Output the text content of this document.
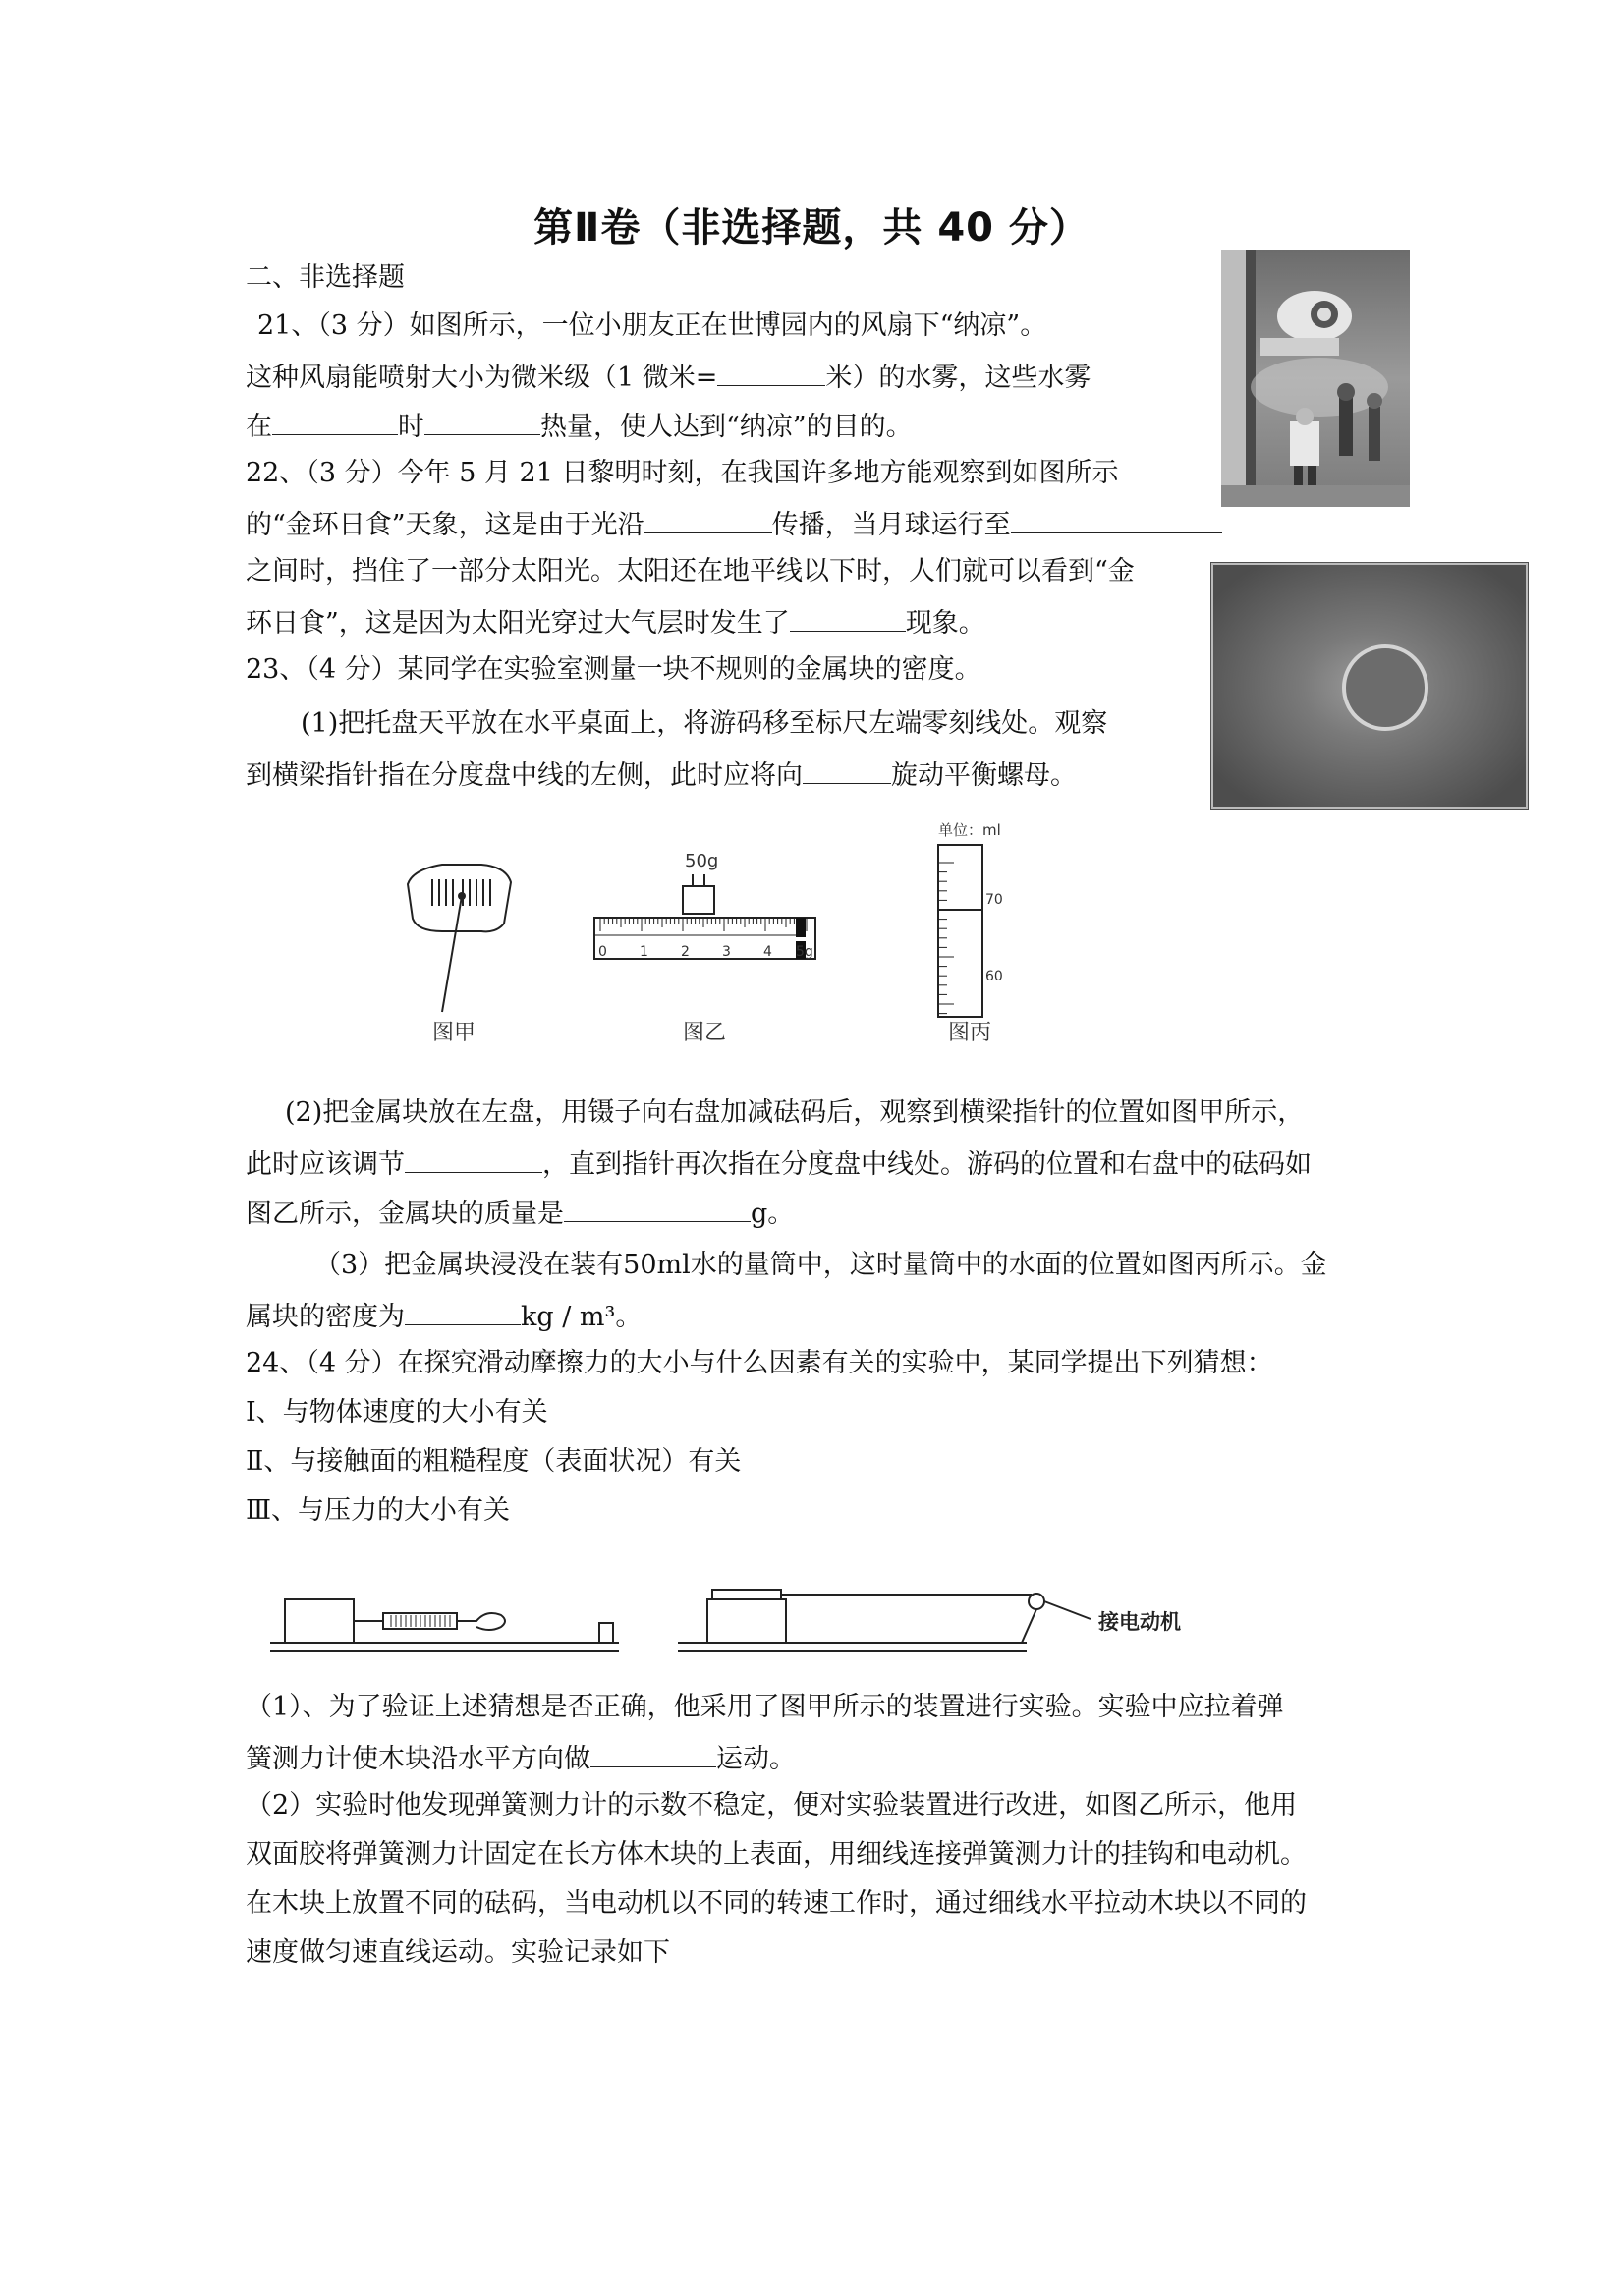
第Ⅱ卷（非选择题，共 40 分）
二、非选择题
21、（3 分）如图所示，一位小朋友正在世博园内的风扇下“纳凉”。
这种风扇能喷射大小为微米级（1 微米=	米）的水雾，这些水雾
在	时	热量，使人达到“纳凉”的目的。
22、（3 分）今年 5 月 21 日黎明时刻，在我国许多地方能观察到如图所示
的“金环日食”天象，这是由于光沿	传播，当月球运行至
之间时，挡住了一部分太阳光。太阳还在地平线以下时，人们就可以看到“金
环日食”，这是因为太阳光穿过大气层时发生了	现象。
23、（4 分）某同学在实验室测量一块不规则的金属块的密度。
(1)把托盘天平放在水平桌面上，将游码移至标尺左端零刻线处。观察
到横梁指针指在分度盘中线的左侧，此时应将向	旋动平衡螺母。
图甲
50g
0 1 2 3 4 5g
图乙
单位：ml
70
60
图丙
(2)把金属块放在左盘，用镊子向右盘加减砝码后，观察到横梁指针的位置如图甲所示，
此时应该调节	，直到指针再次指在分度盘中线处。游码的位置和右盘中的砝码如
图乙所示，金属块的质量是	g。
（3）把金属块浸没在装有50ml水的量筒中，这时量筒中的水面的位置如图丙所示。金
属块的密度为	kg / m³。
24、（4 分）在探究滑动摩擦力的大小与什么因素有关的实验中，某同学提出下列猜想：
Ⅰ、与物体速度的大小有关
Ⅱ、与接触面的粗糙程度（表面状况）有关
Ⅲ、与压力的大小有关
接电动机
（1）、为了验证上述猜想是否正确，他采用了图甲所示的装置进行实验。实验中应拉着弹
簧测力计使木块沿水平方向做	运动。
（2）实验时他发现弹簧测力计的示数不稳定，便对实验装置进行改进，如图乙所示，他用
双面胶将弹簧测力计固定在长方体木块的上表面，用细线连接弹簧测力计的挂钩和电动机。
在木块上放置不同的砝码，当电动机以不同的转速工作时，通过细线水平拉动木块以不同的
速度做匀速直线运动。实验记录如下
